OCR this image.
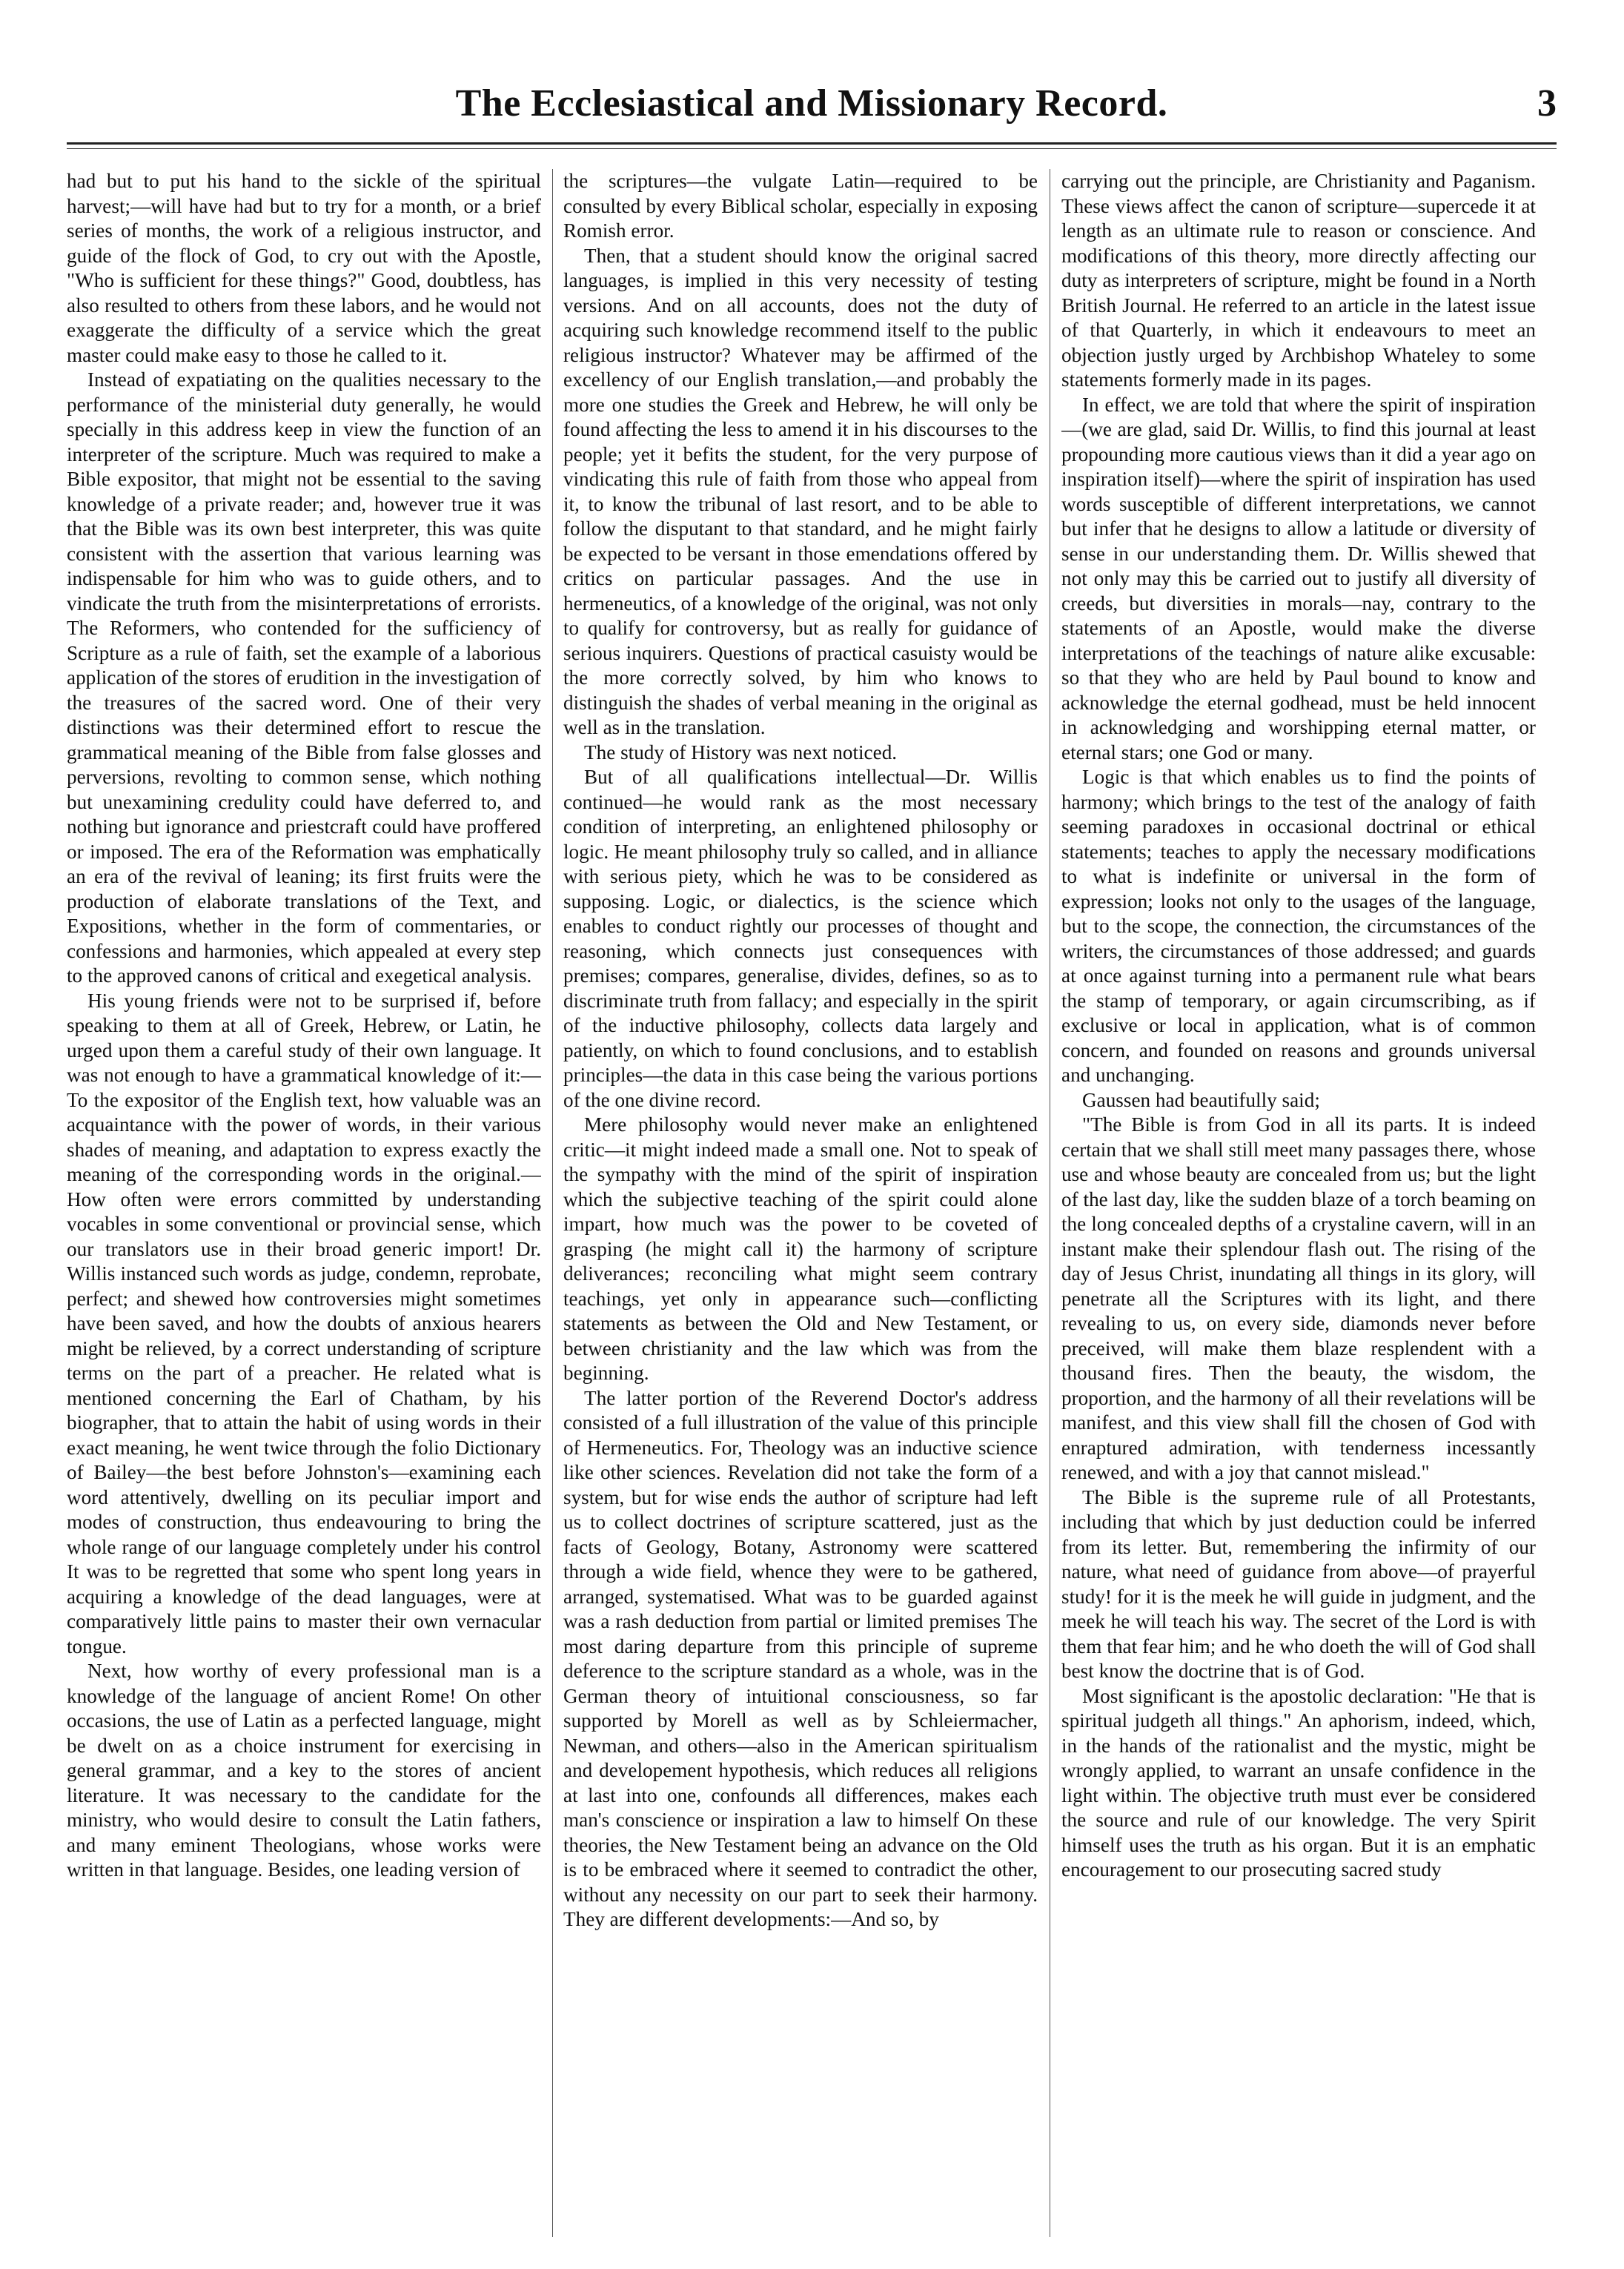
The Ecclesiastical and Missionary Record.	3

had but to put his hand to the sickle of the spiritual harvest;—will have had but to try for a month, or a brief series of months, the work of a religious instructor, and guide of the flock of God, to cry out with the Apostle, "Who is sufficient for these things?" Good, doubtless, has also resulted to others from these labors, and he would not exaggerate the difficulty of a service which the great master could make easy to those he called to it.

Instead of expatiating on the qualities necessary to the performance of the ministerial duty generally, he would specially in this address keep in view the function of an interpreter of the scripture. Much was required to make a Bible expositor, that might not be essential to the saving knowledge of a private reader; and, however true it was that the Bible was its own best interpreter, this was quite consistent with the assertion that various learning was indispensable for him who was to guide others, and to vindicate the truth from the misinterpretations of errorists. The Reformers, who contended for the sufficiency of Scripture as a rule of faith, set the example of a laborious application of the stores of erudition in the investigation of the treasures of the sacred word. One of their very distinctions was their determined effort to rescue the grammatical meaning of the Bible from false glosses and perversions, revolting to common sense, which nothing but unexamining credulity could have deferred to, and nothing but ignorance and priestcraft could have proffered or imposed. The era of the Reformation was emphatically an era of the revival of leaning; its first fruits were the production of elaborate translations of the Text, and Expositions, whether in the form of commentaries, or confessions and harmonies, which appealed at every step to the approved canons of critical and exegetical analysis.

His young friends were not to be surprised if, before speaking to them at all of Greek, Hebrew, or Latin, he urged upon them a careful study of their own language. It was not enough to have a grammatical knowledge of it:—To the expositor of the English text, how valuable was an acquaintance with the power of words, in their various shades of meaning, and adaptation to express exactly the meaning of the corresponding words in the original.—How often were errors committed by understanding vocables in some conventional or provincial sense, which our translators use in their broad generic import! Dr. Willis instanced such words as judge, condemn, reprobate, perfect; and shewed how controversies might sometimes have been saved, and how the doubts of anxious hearers might be relieved, by a correct understanding of scripture terms on the part of a preacher. He related what is mentioned concerning the Earl of Chatham, by his biographer, that to attain the habit of using words in their exact meaning, he went twice through the folio Dictionary of Bailey—the best before Johnston's—examining each word attentively, dwelling on its peculiar import and modes of construction, thus endeavouring to bring the whole range of our language completely under his control It was to be regretted that some who spent long years in acquiring a knowledge of the dead languages, were at comparatively little pains to master their own vernacular tongue.

Next, how worthy of every professional man is a knowledge of the language of ancient Rome! On other occasions, the use of Latin as a perfected language, might be dwelt on as a choice instrument for exercising in general grammar, and a key to the stores of ancient literature. It was necessary to the candidate for the ministry, who would desire to consult the Latin fathers, and many eminent Theologians, whose works were written in that language. Besides, one leading version of

the scriptures—the vulgate Latin—required to be consulted by every Biblical scholar, especially in exposing Romish error.

Then, that a student should know the original sacred languages, is implied in this very necessity of testing versions. And on all accounts, does not the duty of acquiring such knowledge recommend itself to the public religious instructor? Whatever may be affirmed of the excellency of our English translation,—and probably the more one studies the Greek and Hebrew, he will only be found affecting the less to amend it in his discourses to the people; yet it befits the student, for the very purpose of vindicating this rule of faith from those who appeal from it, to know the tribunal of last resort, and to be able to follow the disputant to that standard, and he might fairly be expected to be versant in those emendations offered by critics on particular passages. And the use in hermeneutics, of a knowledge of the original, was not only to qualify for controversy, but as really for guidance of serious inquirers. Questions of practical casuisty would be the more correctly solved, by him who knows to distinguish the shades of verbal meaning in the original as well as in the translation.

The study of History was next noticed.

But of all qualifications intellectual—Dr. Willis continued—he would rank as the most necessary condition of interpreting, an enlightened philosophy or logic. He meant philosophy truly so called, and in alliance with serious piety, which he was to be considered as supposing. Logic, or dialectics, is the science which enables to conduct rightly our processes of thought and reasoning, which connects just consequences with premises; compares, generalise, divides, defines, so as to discriminate truth from fallacy; and especially in the spirit of the inductive philosophy, collects data largely and patiently, on which to found conclusions, and to establish principles—the data in this case being the various portions of the one divine record.

Mere philosophy would never make an enlightened critic—it might indeed made a small one. Not to speak of the sympathy with the mind of the spirit of inspiration which the subjective teaching of the spirit could alone impart, how much was the power to be coveted of grasping (he might call it) the harmony of scripture deliverances; reconciling what might seem contrary teachings, yet only in appearance such—conflicting statements as between the Old and New Testament, or between christianity and the law which was from the beginning.

The latter portion of the Reverend Doctor's address consisted of a full illustration of the value of this principle of Hermeneutics. For, Theology was an inductive science like other sciences. Revelation did not take the form of a system, but for wise ends the author of scripture had left us to collect doctrines of scripture scattered, just as the facts of Geology, Botany, Astronomy were scattered through a wide field, whence they were to be gathered, arranged, systematised. What was to be guarded against was a rash deduction from partial or limited premises The most daring departure from this principle of supreme deference to the scripture standard as a whole, was in the German theory of intuitional consciousness, so far supported by Morell as well as by Schleiermacher, Newman, and others—also in the American spiritualism and developement hypothesis, which reduces all religions at last into one, confounds all differences, makes each man's conscience or inspiration a law to himself On these theories, the New Testament being an advance on the Old is to be embraced where it seemed to contradict the other, without any necessity on our part to seek their harmony. They are different developments:—And so, by

carrying out the principle, are Christianity and Paganism. These views affect the canon of scripture—supercede it at length as an ultimate rule to reason or conscience. And modifications of this theory, more directly affecting our duty as interpreters of scripture, might be found in a North British Journal. He referred to an article in the latest issue of that Quarterly, in which it endeavours to meet an objection justly urged by Archbishop Whateley to some statements formerly made in its pages.

In effect, we are told that where the spirit of inspiration—(we are glad, said Dr. Willis, to find this journal at least propounding more cautious views than it did a year ago on inspiration itself)—where the spirit of inspiration has used words susceptible of different interpretations, we cannot but infer that he designs to allow a latitude or diversity of sense in our understanding them. Dr. Willis shewed that not only may this be carried out to justify all diversity of creeds, but diversities in morals—nay, contrary to the statements of an Apostle, would make the diverse interpretations of the teachings of nature alike excusable: so that they who are held by Paul bound to know and acknowledge the eternal godhead, must be held innocent in acknowledging and worshipping eternal matter, or eternal stars; one God or many.

Logic is that which enables us to find the points of harmony; which brings to the test of the analogy of faith seeming paradoxes in occasional doctrinal or ethical statements; teaches to apply the necessary modifications to what is indefinite or universal in the form of expression; looks not only to the usages of the language, but to the scope, the connection, the circumstances of the writers, the circumstances of those addressed; and guards at once against turning into a permanent rule what bears the stamp of temporary, or again circumscribing, as if exclusive or local in application, what is of common concern, and founded on reasons and grounds universal and unchanging.

Gaussen had beautifully said;

"The Bible is from God in all its parts. It is indeed certain that we shall still meet many passages there, whose use and whose beauty are concealed from us; but the light of the last day, like the sudden blaze of a torch beaming on the long concealed depths of a crystaline cavern, will in an instant make their splendour flash out. The rising of the day of Jesus Christ, inundating all things in its glory, will penetrate all the Scriptures with its light, and there revealing to us, on every side, diamonds never before preceived, will make them blaze resplendent with a thousand fires. Then the beauty, the wisdom, the proportion, and the harmony of all their revelations will be manifest, and this view shall fill the chosen of God with enraptured admiration, with tenderness incessantly renewed, and with a joy that cannot mislead."

The Bible is the supreme rule of all Protestants, including that which by just deduction could be inferred from its letter. But, remembering the infirmity of our nature, what need of guidance from above—of prayerful study! for it is the meek he will guide in judgment, and the meek he will teach his way. The secret of the Lord is with them that fear him; and he who doeth the will of God shall best know the doctrine that is of God.

Most significant is the apostolic declaration: "He that is spiritual judgeth all things." An aphorism, indeed, which, in the hands of the rationalist and the mystic, might be wrongly applied, to warrant an unsafe confidence in the light within. The objective truth must ever be considered the source and rule of our knowledge. The very Spirit himself uses the truth as his organ. But it is an emphatic encouragement to our prosecuting sacred study
